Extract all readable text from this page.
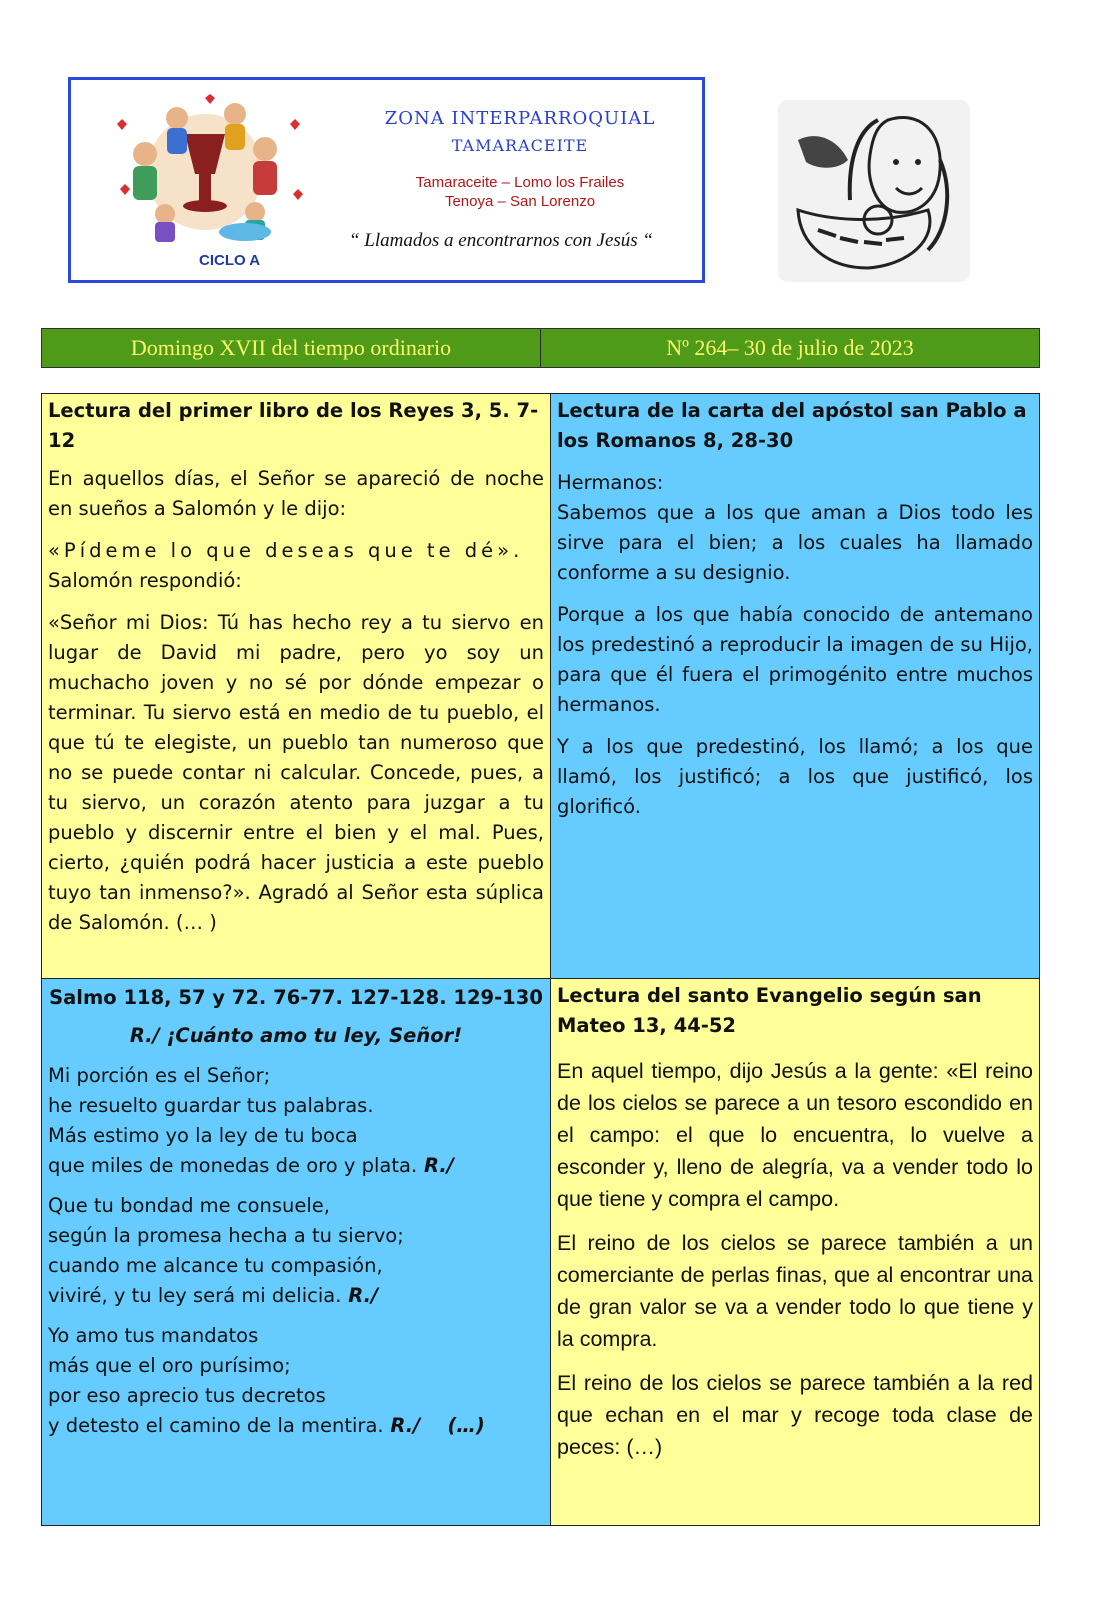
CICLO A
ZONA INTERPARROQUIAL
TAMARACEITE
Tamaraceite – Lomo los Frailes
Tenoya – San Lorenzo
“ Llamados a encontrarnos con Jesús “
Domingo XVII del tiempo ordinario	Nº 264– 30 de julio de 2023
Lectura del primer libro de los Reyes 3, 5. 7-12

En aquellos días, el Señor se apareció de noche en sueños a Salomón y le dijo:

«Pídeme lo que deseas que te dé».
Salomón respondió:

«Señor mi Dios: Tú has hecho rey a tu siervo en lugar de David mi padre, pero yo soy un muchacho joven y no sé por dónde empezar o terminar. Tu siervo está en medio de tu pueblo, el que tú te elegiste, un pueblo tan numeroso que no se puede contar ni calcular. Concede, pues, a tu siervo, un corazón atento para juzgar a tu pueblo y discernir entre el bien y el mal. Pues, cierto, ¿quién podrá hacer justicia a este pueblo tuyo tan inmenso?». Agradó al Señor esta súplica de Salomón. (… )

Lectura de la carta del apóstol san Pablo a los Romanos 8, 28-30
Hermanos:

Sabemos que a los que aman a Dios todo les sirve para el bien; a los cuales ha llamado conforme a su designio.

Porque a los que había conocido de antemano los predestinó a reproducir la imagen de su Hijo, para que él fuera el primogénito entre muchos hermanos.

Y a los que predestinó, los llamó; a los que llamó, los justificó; a los que justificó, los glorificó.

Salmo 118, 57 y 72. 76-77. 127-128. 129-130
R./ ¡Cuánto amo tu ley, Señor!
Mi porción es el Señor;
he resuelto guardar tus palabras.
Más estimo yo la ley de tu boca
que miles de monedas de oro y plata. R./
Que tu bondad me consuele,
según la promesa hecha a tu siervo;
cuando me alcance tu compasión,
viviré, y tu ley será mi delicia. R./
Yo amo tus mandatos
más que el oro purísimo;
por eso aprecio tus decretos
y detesto el camino de la mentira. R./    (…)
Lectura del santo Evangelio según san Mateo 13, 44-52

En aquel tiempo, dijo Jesús a la gente: «El reino de los cielos se parece a un tesoro escondido en el campo: el que lo encuentra, lo vuelve a esconder y, lleno de alegría, va a vender todo lo que tiene y compra el campo.

El reino de los cielos se parece también a un comerciante de perlas finas, que al encontrar una de gran valor se va a vender todo lo que tiene y la compra.

El reino de los cielos se parece también a la red que echan en el mar y recoge toda clase de peces: (…)
